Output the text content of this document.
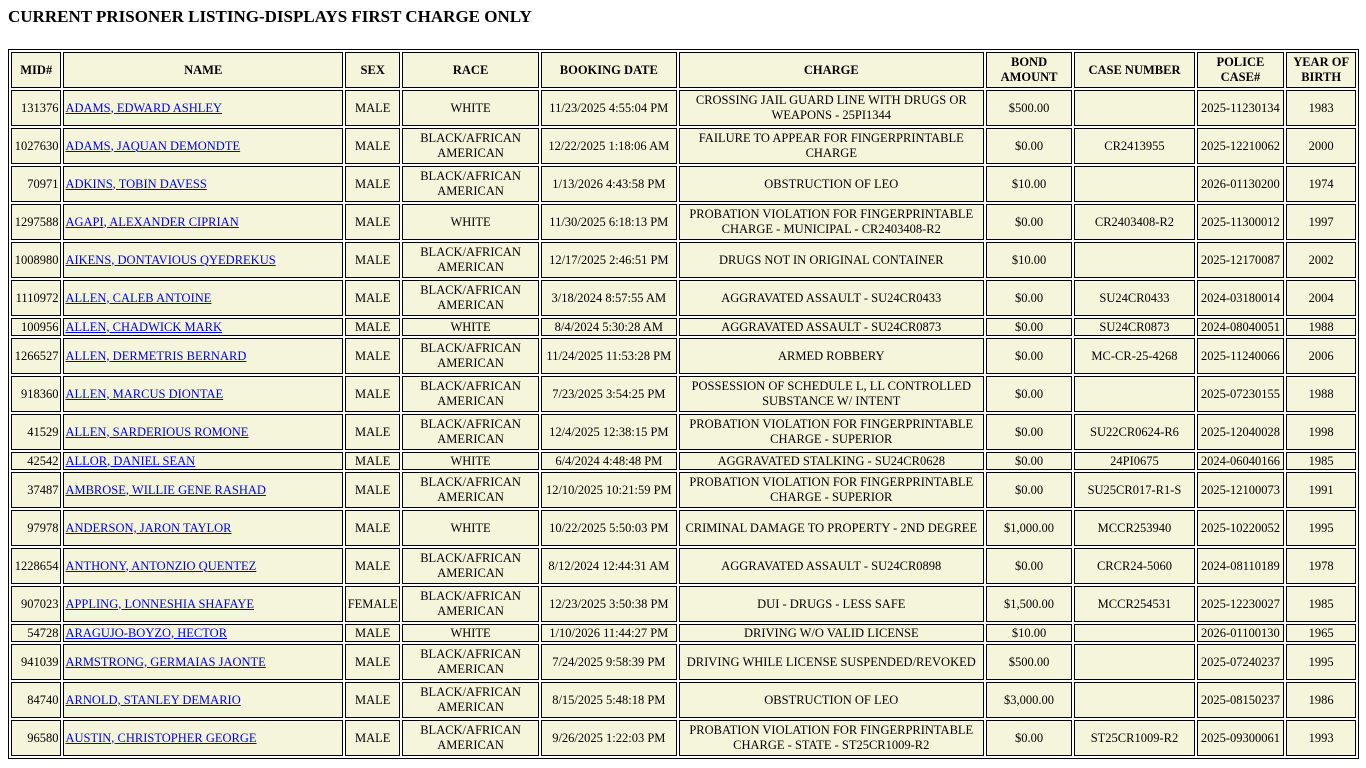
CURRENT PRISONER LISTING-DISPLAYS FIRST CHARGE ONLY
MID#	NAME	SEX	RACE	BOOKING DATE	CHARGE	BOND AMOUNT	CASE NUMBER	POLICE CASE#	YEAR OF BIRTH
131376	ADAMS, EDWARD ASHLEY	MALE	WHITE	11/23/2025 4:55:04 PM	CROSSING JAIL GUARD LINE WITH DRUGS OR WEAPONS - 25PI1344	$500.00		2025-11230134	1983
1027630	ADAMS, JAQUAN DEMONDTE	MALE	BLACK/AFRICAN AMERICAN	12/22/2025 1:18:06 AM	FAILURE TO APPEAR FOR FINGERPRINTABLE CHARGE	$0.00	CR2413955	2025-12210062	2000
70971	ADKINS, TOBIN DAVESS	MALE	BLACK/AFRICAN AMERICAN	1/13/2026 4:43:58 PM	OBSTRUCTION OF LEO	$10.00		2026-01130200	1974
1297588	AGAPI, ALEXANDER CIPRIAN	MALE	WHITE	11/30/2025 6:18:13 PM	PROBATION VIOLATION FOR FINGERPRINTABLE CHARGE - MUNICIPAL - CR2403408-R2	$0.00	CR2403408-R2	2025-11300012	1997
1008980	AIKENS, DONTAVIOUS QYEDREKUS	MALE	BLACK/AFRICAN AMERICAN	12/17/2025 2:46:51 PM	DRUGS NOT IN ORIGINAL CONTAINER	$10.00		2025-12170087	2002
1110972	ALLEN, CALEB ANTOINE	MALE	BLACK/AFRICAN AMERICAN	3/18/2024 8:57:55 AM	AGGRAVATED ASSAULT - SU24CR0433	$0.00	SU24CR0433	2024-03180014	2004
100956	ALLEN, CHADWICK MARK	MALE	WHITE	8/4/2024 5:30:28 AM	AGGRAVATED ASSAULT - SU24CR0873	$0.00	SU24CR0873	2024-08040051	1988
1266527	ALLEN, DERMETRIS BERNARD	MALE	BLACK/AFRICAN AMERICAN	11/24/2025 11:53:28 PM	ARMED ROBBERY	$0.00	MC-CR-25-4268	2025-11240066	2006
918360	ALLEN, MARCUS DIONTAE	MALE	BLACK/AFRICAN AMERICAN	7/23/2025 3:54:25 PM	POSSESSION OF SCHEDULE L, LL CONTROLLED SUBSTANCE W/ INTENT	$0.00		2025-07230155	1988
41529	ALLEN, SARDERIOUS ROMONE	MALE	BLACK/AFRICAN AMERICAN	12/4/2025 12:38:15 PM	PROBATION VIOLATION FOR FINGERPRINTABLE CHARGE - SUPERIOR	$0.00	SU22CR0624-R6	2025-12040028	1998
42542	ALLOR, DANIEL SEAN	MALE	WHITE	6/4/2024 4:48:48 PM	AGGRAVATED STALKING - SU24CR0628	$0.00	24PI0675	2024-06040166	1985
37487	AMBROSE, WILLIE GENE RASHAD	MALE	BLACK/AFRICAN AMERICAN	12/10/2025 10:21:59 PM	PROBATION VIOLATION FOR FINGERPRINTABLE CHARGE - SUPERIOR	$0.00	SU25CR017-R1-S	2025-12100073	1991
97978	ANDERSON, JARON TAYLOR	MALE	WHITE	10/22/2025 5:50:03 PM	CRIMINAL DAMAGE TO PROPERTY - 2ND DEGREE	$1,000.00	MCCR253940	2025-10220052	1995
1228654	ANTHONY, ANTONZIO QUENTEZ	MALE	BLACK/AFRICAN AMERICAN	8/12/2024 12:44:31 AM	AGGRAVATED ASSAULT - SU24CR0898	$0.00	CRCR24-5060	2024-08110189	1978
907023	APPLING, LONNESHIA SHAFAYE	FEMALE	BLACK/AFRICAN AMERICAN	12/23/2025 3:50:38 PM	DUI - DRUGS - LESS SAFE	$1,500.00	MCCR254531	2025-12230027	1985
54728	ARAGUJO-BOYZO, HECTOR	MALE	WHITE	1/10/2026 11:44:27 PM	DRIVING W/O VALID LICENSE	$10.00		2026-01100130	1965
941039	ARMSTRONG, GERMAIAS JAONTE	MALE	BLACK/AFRICAN AMERICAN	7/24/2025 9:58:39 PM	DRIVING WHILE LICENSE SUSPENDED/REVOKED	$500.00		2025-07240237	1995
84740	ARNOLD, STANLEY DEMARIO	MALE	BLACK/AFRICAN AMERICAN	8/15/2025 5:48:18 PM	OBSTRUCTION OF LEO	$3,000.00		2025-08150237	1986
96580	AUSTIN, CHRISTOPHER GEORGE	MALE	BLACK/AFRICAN AMERICAN	9/26/2025 1:22:03 PM	PROBATION VIOLATION FOR FINGERPRINTABLE CHARGE - STATE - ST25CR1009-R2	$0.00	ST25CR1009-R2	2025-09300061	1993
